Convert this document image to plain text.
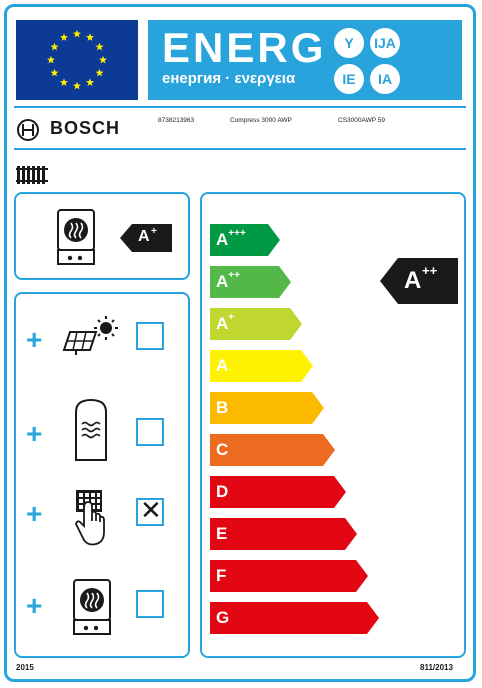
ENERG
енергия · ενεργεια
Y	IJA
IE	IA
BOSCH	8738213963	Compress 3000 AWP	CS3000AWP 59
A +
+
+
+	✕
+
A+++
A++
A+
A
B
C
D
E
F
G
A ++
2015	811/2013
